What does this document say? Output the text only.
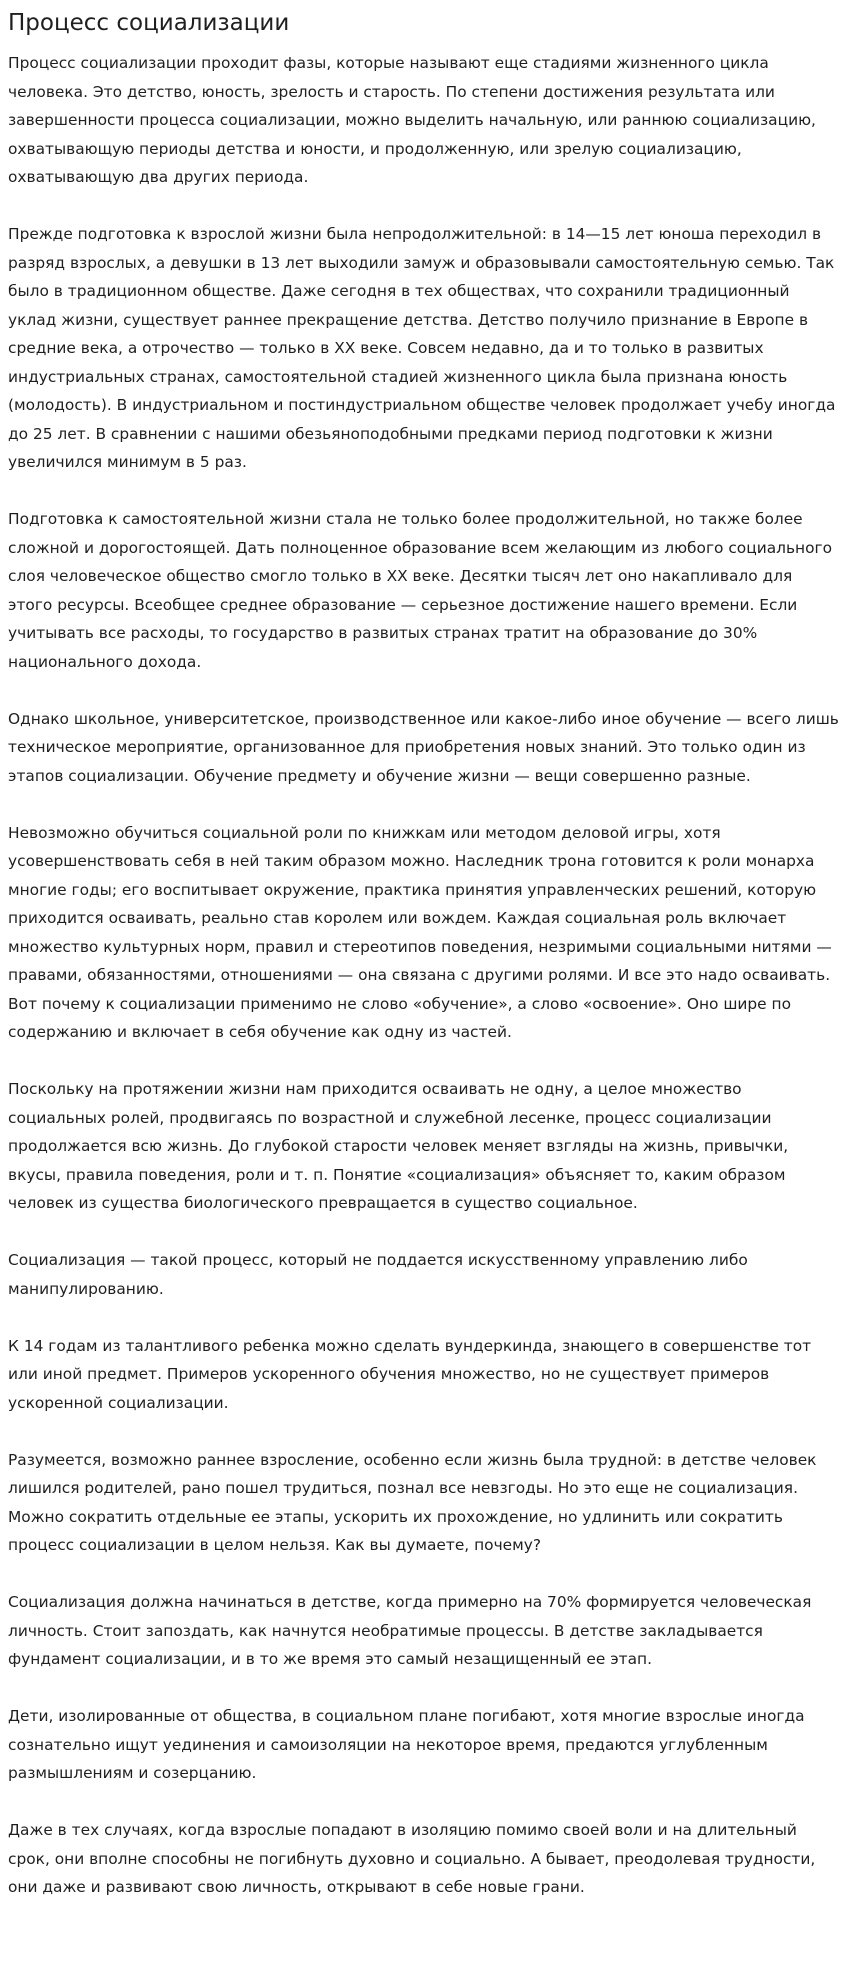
Процесс социализации

Процесс социализации проходит фазы, которые называют еще стадиями жизненного цикла человека. Это детство, юность, зрелость и старость. По степени достижения результата или завершенности процесса социализации, можно выделить начальную, или раннюю социализацию, охватывающую периоды детства и юности, и продолженную, или зрелую социализацию, охватывающую два других периода.

Прежде подготовка к взрослой жизни была непродолжительной: в 14—15 лет юноша переходил в разряд взрослых, а девушки в 13 лет выходили замуж и образовывали самостоятельную семью. Так было в традиционном обществе. Даже сегодня в тех обществах, что сохранили традиционный уклад жизни, существует раннее прекращение детства. Детство получило признание в Европе в средние века, а отрочество — только в XX веке. Совсем недавно, да и то только в развитых индустриальных странах, самостоятельной стадией жизненного цикла была признана юность (молодость). В индустриальном и постиндустриальном обществе человек продолжает учебу иногда до 25 лет. В сравнении с нашими обезьяноподобными предками период подготовки к жизни увеличился минимум в 5 раз.

Подготовка к самостоятельной жизни стала не только более продолжительной, но также более сложной и дорогостоящей. Дать полноценное образование всем желающим из любого социального слоя человеческое общество смогло только в XX веке. Десятки тысяч лет оно накапливало для этого ресурсы. Всеобщее среднее образование — серьезное достижение нашего времени. Если учитывать все расходы, то государство в развитых странах тратит на образование до 30% национального дохода.

Однако школьное, университетское, производственное или какое-либо иное обучение — всего лишь техническое мероприятие, организованное для приобретения новых знаний. Это только один из этапов социализации. Обучение предмету и обучение жизни — вещи совершенно разные.

Невозможно обучиться социальной роли по книжкам или методом деловой игры, хотя усовершенствовать себя в ней таким образом можно. Наследник трона готовится к роли монарха многие годы; его воспитывает окружение, практика принятия управленческих решений, которую приходится осваивать, реально став королем или вождем. Каждая социальная роль включает множество культурных норм, правил и стереотипов поведения, незримыми социальными нитями — правами, обязанностями, отношениями — она связана с другими ролями. И все это надо осваивать. Вот почему к социализации применимо не слово «обучение», а слово «освоение». Оно шире по содержанию и включает в себя обучение как одну из частей.

Поскольку на протяжении жизни нам приходится осваивать не одну, а целое множество социальных ролей, продвигаясь по возрастной и служебной лесенке, процесс социализации продолжается всю жизнь. До глубокой старости человек меняет взгляды на жизнь, привычки, вкусы, правила поведения, роли и т. п. Понятие «социализация» объясняет то, каким образом человек из существа биологического превращается в существо социальное.

Социализация — такой процесс, который не поддается искусственному управлению либо манипулированию.

К 14 годам из талантливого ребенка можно сделать вундеркинда, знающего в совершенстве тот или иной предмет. Примеров ускоренного обучения множество, но не существует примеров ускоренной социализации.

Разумеется, возможно раннее взросление, особенно если жизнь была трудной: в детстве человек лишился родителей, рано пошел трудиться, познал все невзгоды. Но это еще не социализация. Можно сократить отдельные ее этапы, ускорить их прохождение, но удлинить или сократить процесс социализации в целом нельзя. Как вы думаете, почему?

Социализация должна начинаться в детстве, когда примерно на 70% формируется человеческая личность. Стоит запоздать, как начнутся необратимые процессы. В детстве закладывается фундамент социализации, и в то же время это самый незащищенный ее этап.

Дети, изолированные от общества, в социальном плане погибают, хотя многие взрослые иногда сознательно ищут уединения и самоизоляции на некоторое время, предаются углубленным размышлениям и созерцанию.

Даже в тех случаях, когда взрослые попадают в изоляцию помимо своей воли и на длительный срок, они вполне способны не погибнуть духовно и социально. А бывает, преодолевая трудности, они даже и развивают свою личность, открывают в себе новые грани.
